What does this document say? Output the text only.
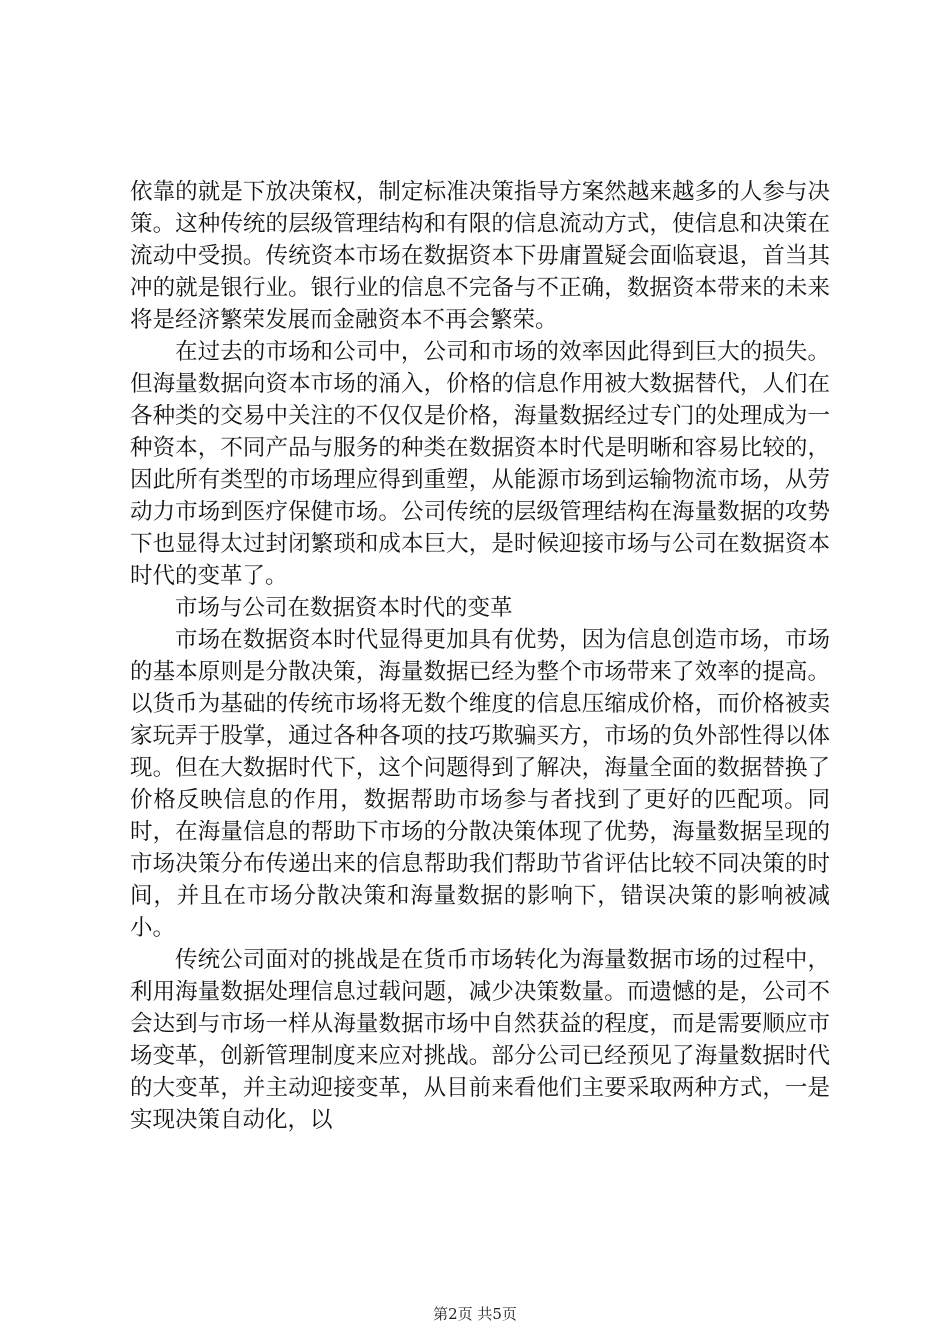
依靠的就是下放决策权，制定标准决策指导方案然越来越多的人参与决策。这种传统的层级管理结构和有限的信息流动方式，使信息和决策在流动中受损。传统资本市场在数据资本下毋庸置疑会面临衰退，首当其冲的就是银行业。银行业的信息不完备与不正确，数据资本带来的未来将是经济繁荣发展而金融资本不再会繁荣。

在过去的市场和公司中，公司和市场的效率因此得到巨大的损失。但海量数据向资本市场的涌入，价格的信息作用被大数据替代，人们在各种类的交易中关注的不仅仅是价格，海量数据经过专门的处理成为一种资本，不同产品与服务的种类在数据资本时代是明晰和容易比较的，因此所有类型的市场理应得到重塑，从能源市场到运输物流市场，从劳动力市场到医疗保健市场。公司传统的层级管理结构在海量数据的攻势下也显得太过封闭繁琐和成本巨大，是时候迎接市场与公司在数据资本时代的变革了。

市场与公司在数据资本时代的变革

市场在数据资本时代显得更加具有优势，因为信息创造市场，市场的基本原则是分散决策，海量数据已经为整个市场带来了效率的提高。以货币为基础的传统市场将无数个维度的信息压缩成价格，而价格被卖家玩弄于股掌，通过各种各项的技巧欺骗买方，市场的负外部性得以体现。但在大数据时代下，这个问题得到了解决，海量全面的数据替换了价格反映信息的作用，数据帮助市场参与者找到了更好的匹配项。同时，在海量信息的帮助下市场的分散决策体现了优势，海量数据呈现的市场决策分布传递出来的信息帮助我们帮助节省评估比较不同决策的时间，并且在市场分散决策和海量数据的影响下，错误决策的影响被减小。

传统公司面对的挑战是在货币市场转化为海量数据市场的过程中，利用海量数据处理信息过载问题，减少决策数量。而遗憾的是，公司不会达到与市场一样从海量数据市场中自然获益的程度，而是需要顺应市场变革，创新管理制度来应对挑战。部分公司已经预见了海量数据时代的大变革，并主动迎接变革，从目前来看他们主要采取两种方式，一是实现决策自动化，以

第2页 共5页
